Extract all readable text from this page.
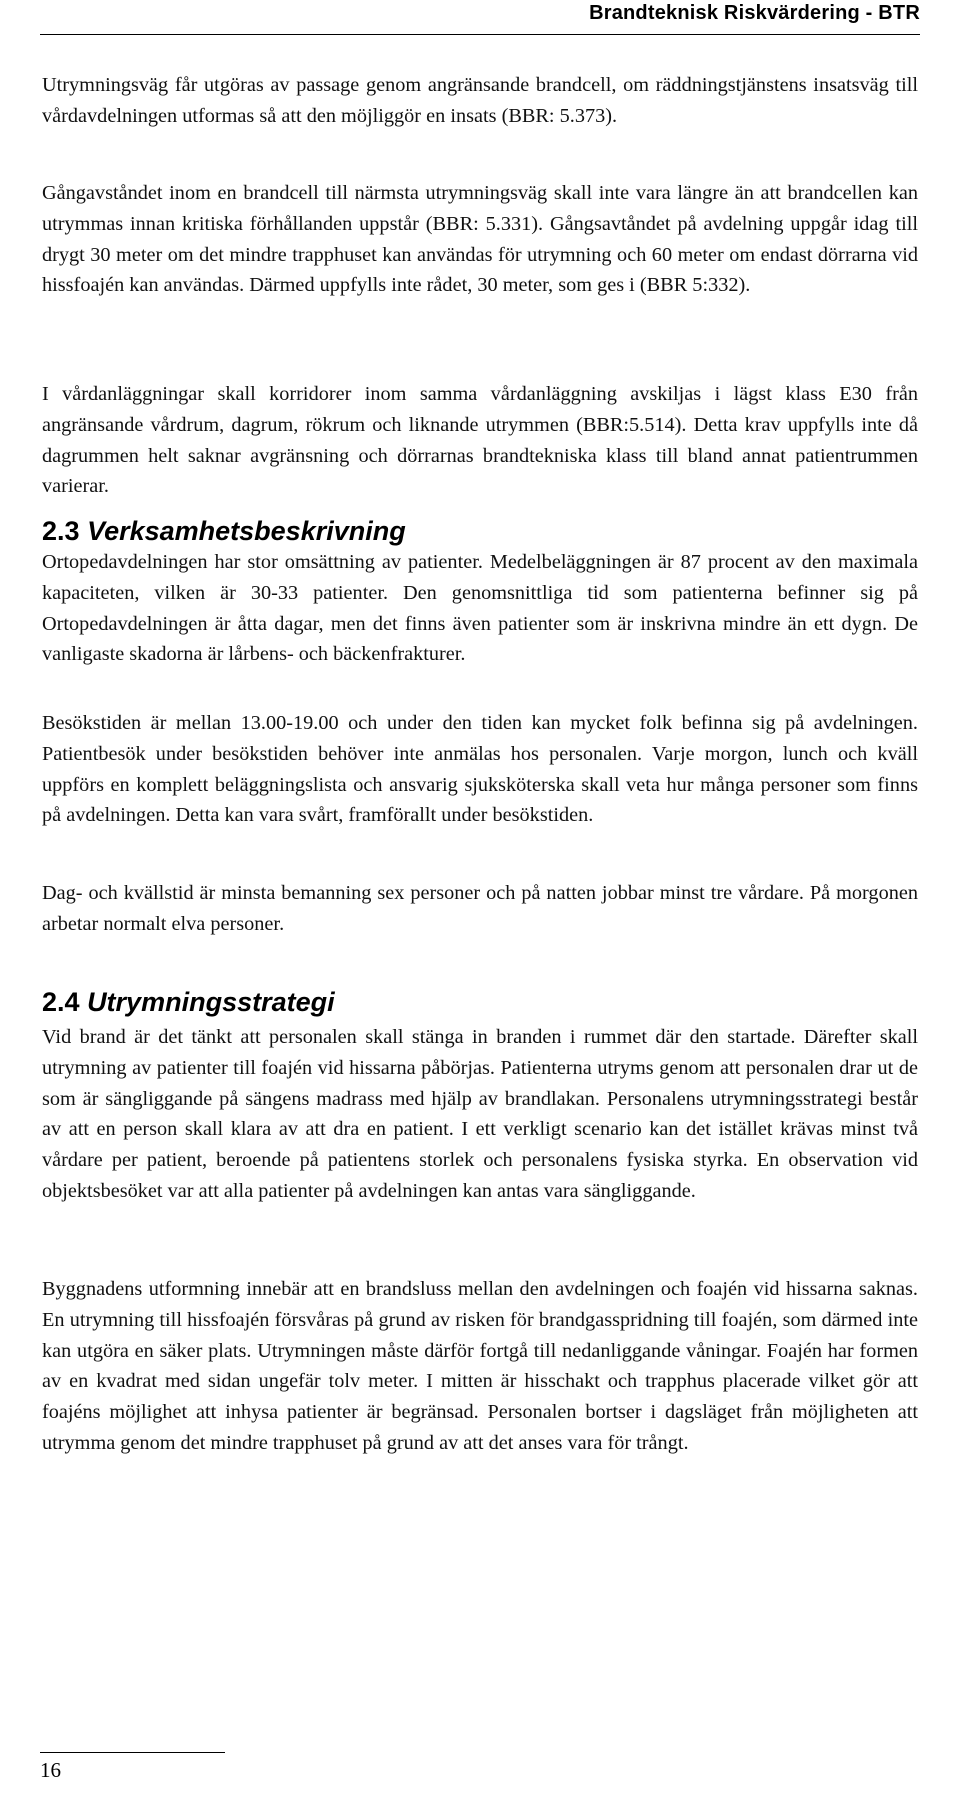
Brandteknisk Riskvärdering - BTR

Utrymningsväg får utgöras av passage genom angränsande brandcell, om räddningstjänstens insatsväg till vårdavdelningen utformas så att den möjliggör en insats (BBR: 5.373).

Gångavståndet inom en brandcell till närmsta utrymningsväg skall inte vara längre än att brandcellen kan utrymmas innan kritiska förhållanden uppstår (BBR: 5.331). Gångsavtåndet på avdelning uppgår idag till drygt 30 meter om det mindre trapphuset kan användas för utrymning och 60 meter om endast dörrarna vid hissfoajén kan användas. Därmed uppfylls inte rådet, 30 meter, som ges i (BBR 5:332).

I vårdanläggningar skall korridorer inom samma vårdanläggning avskiljas i lägst klass E30 från angränsande vårdrum, dagrum, rökrum och liknande utrymmen (BBR:5.514). Detta krav uppfylls inte då dagrummen helt saknar avgränsning och dörrarnas brandtekniska klass till bland annat patientrummen varierar.

2.3 Verksamhetsbeskrivning

Ortopedavdelningen har stor omsättning av patienter. Medelbeläggningen är 87 procent av den maximala kapaciteten, vilken är 30-33 patienter. Den genomsnittliga tid som patienterna befinner sig på Ortopedavdelningen är åtta dagar, men det finns även patienter som är inskrivna mindre än ett dygn. De vanligaste skadorna är lårbens- och bäckenfrakturer.

Besökstiden är mellan 13.00-19.00 och under den tiden kan mycket folk befinna sig på avdelningen. Patientbesök under besökstiden behöver inte anmälas hos personalen. Varje morgon, lunch och kväll uppförs en komplett beläggningslista och ansvarig sjuksköterska skall veta hur många personer som finns på avdelningen. Detta kan vara svårt, framförallt under besökstiden.

Dag- och kvällstid är minsta bemanning sex personer och på natten jobbar minst tre vårdare. På morgonen arbetar normalt elva personer.

2.4 Utrymningsstrategi

Vid brand är det tänkt att personalen skall stänga in branden i rummet där den startade. Därefter skall utrymning av patienter till foajén vid hissarna påbörjas. Patienterna utryms genom att personalen drar ut de som är sängliggande på sängens madrass med hjälp av brandlakan. Personalens utrymningsstrategi består av att en person skall klara av att dra en patient. I ett verkligt scenario kan det istället krävas minst två vårdare per patient, beroende på patientens storlek och personalens fysiska styrka. En observation vid objektsbesöket var att alla patienter på avdelningen kan antas vara sängliggande.

Byggnadens utformning innebär att en brandsluss mellan den avdelningen och foajén vid hissarna saknas. En utrymning till hissfoajén försvåras på grund av risken för brandgasspridning till foajén, som därmed inte kan utgöra en säker plats. Utrymningen måste därför fortgå till nedanliggande våningar. Foajén har formen av en kvadrat med sidan ungefär tolv meter. I mitten är hisschakt och trapphus placerade vilket gör att foajéns möjlighet att inhysa patienter är begränsad. Personalen bortser i dagsläget från möjligheten att utrymma genom det mindre trapphuset på grund av att det anses vara för trångt.

16
